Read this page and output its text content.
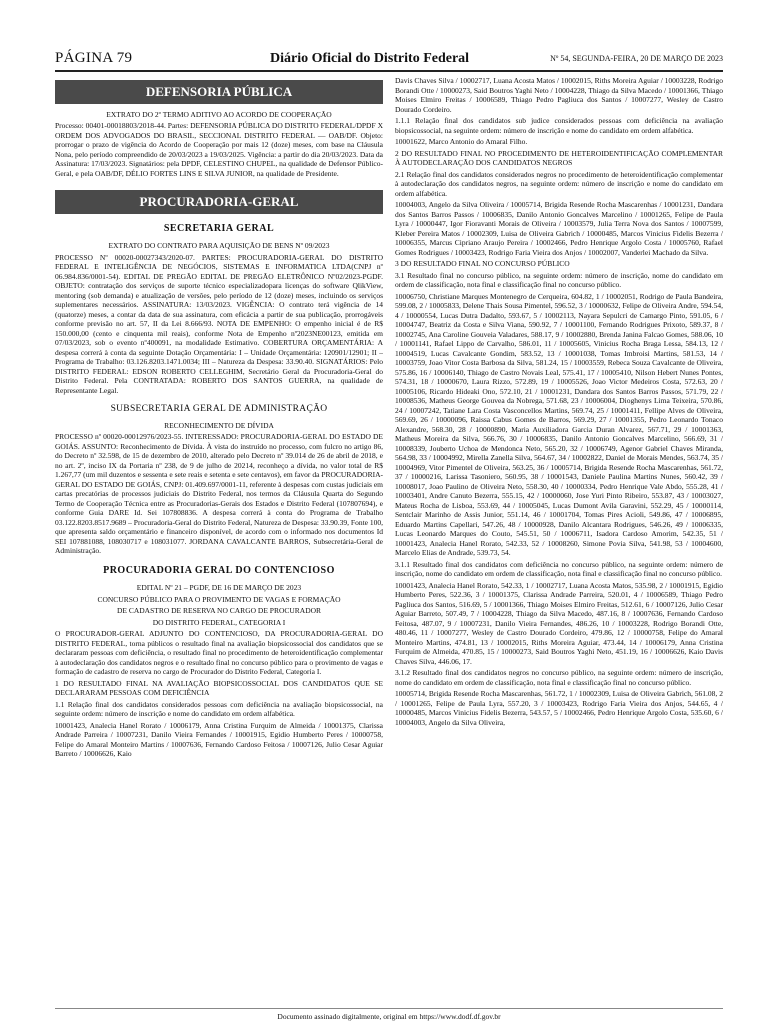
PÁGINA 79	Diário Oficial do Distrito Federal	Nº 54, SEGUNDA-FEIRA, 20 DE MARÇO DE 2023
DEFENSORIA PÚBLICA

EXTRATO DO 2º TERMO ADITIVO AO ACORDO DE COOPERAÇÃO

Processo: 00401-00018803/2018-44. Partes: DEFENSORIA PÚBLICA DO DISTRITO FEDERAL/DPDF X ORDEM DOS ADVOGADOS DO BRASIL, SECCIONAL DISTRITO FEDERAL — OAB/DF. Objeto: prorrogar o prazo de vigência do Acordo de Cooperação por mais 12 (doze) meses, com base na Cláusula Nona, pelo período compreendido de 20/03/2023 a 19/03/2025. Vigência: a partir do dia 20/03/2023. Data da Assinatura: 17/03/2023. Signatários: pela DPDF, CELESTINO CHUPEL, na qualidade de Defensor Público-Geral, e pela OAB/DF, DÉLIO FORTES LINS E SILVA JUNIOR, na qualidade de Presidente.

PROCURADORIA-GERAL
SECRETARIA GERAL

EXTRATO DO CONTRATO PARA AQUISIÇÃO DE BENS Nº 09/2023

PROCESSO Nº 00020-00027343/2020-07. PARTES: PROCURADORIA-GERAL DO DISTRITO FEDERAL E INTELIGÊNCIA DE NEGÓCIOS, SISTEMAS E INFORMATICA LTDA(CNPJ nº 06.984.836/0001-54). EDITAL DE PREGÃO EDITAL DE PREGÃO ELETRÔNICO Nº02/2023-PGDF. OBJETO: contratação dos serviços de suporte técnico especializadopara licenças do software QlikView, mentoring (sob demanda) e atualização de versões, pelo período de 12 (doze) meses, incluindo os serviços suplementares necessários. ASSINATURA: 13/03/2023. VIGÊNCIA: O contrato terá vigência de 14 (quatorze) meses, a contar da data de sua assinatura, com eficácia a partir de sua publicação, prorrogáveis conforme previsão no art. 57, II da Lei 8.666/93. NOTA DE EMPENHO: O empenho inicial é de R$ 150.000,00 (cento e cinquenta mil reais), conforme Nota de Empenho nº2023NE00123, emitida em 07/03/2023, sob o evento nº400091, na modalidade Estimativo. COBERTURA ORÇAMENTÁRIA: A despesa correrá à conta da seguinte Dotação Orçamentária: I – Unidade Orçamentária: 120901/12901; II – Programa de Trabalho: 03.126.8203.1471.0034; III – Natureza da Despesa: 33.90.40. SIGNATÁRIOS: Pelo DISTRITO FEDERAL: EDSON ROBERTO CELLEGHIM, Secretário Geral da Procuradoria-Geral do Distrito Federal. Pela CONTRATADA: ROBERTO DOS SANTOS GUERRA, na qualidade de Representante Legal.

SUBSECRETARIA GERAL DE ADMINISTRAÇÃO

RECONHECIMENTO DE DÍVIDA

PROCESSO nº 00020-00012976/2023-55. INTERESSADO: PROCURADORIA-GERAL DO ESTADO DE GOIÁS. ASSUNTO: Reconhecimento de Dívida. À vista do instruído no processo, com fulcro no artigo 86, do Decreto nº 32.598, de 15 de dezembro de 2010, alterado pelo Decreto nº 39.014 de 26 de abril de 2018, e no art. 2º, inciso IX da Portaria nº 238, de 9 de julho de 20214, reconheço a dívida, no valor total de R$ 1.267,77 (um mil duzentos e sessenta e sete reais e setenta e sete centavos), em favor da PROCURADORIA-GERAL DO ESTADO DE GOIÁS, CNPJ: 01.409.697/0001-11, referente à despesas com custas judiciais em cartas precatórias de processos judiciais do Distrito Federal, nos termos da Cláusula Quarta do Segundo Termo de Cooperação Técnica entre as Procuradorias-Gerais dos Estados e Distrito Federal (107807694), e conforme Guia DARE Id. Sei 107808836. A despesa correrá à conta do Programa de Trabalho 03.122.8203.8517.9689 – Procuradoria-Geral do Distrito Federal, Natureza de Despesa: 33.90.39, Fonte 100, que apresenta saldo orçamentário e financeiro disponível, de acordo com o informado nos documentos Id SEI 107881088, 108030717 e 108031077. JORDANA CAVALCANTE BARROS, Subsecretária-Geral de Administração.

PROCURADORIA GERAL DO CONTENCIOSO

EDITAL Nº 21 – PGDF, DE 16 DE MARÇO DE 2023

CONCURSO PÚBLICO PARA O PROVIMENTO DE VAGAS E FORMAÇÃO

DE CADASTRO DE RESERVA NO CARGO DE PROCURADOR

DO DISTRITO FEDERAL, CATEGORIA I

O PROCURADOR-GERAL ADJUNTO DO CONTENCIOSO, DA PROCURADORIA-GERAL DO DISTRITO FEDERAL, torna públicos o resultado final na avaliação biopsicossocial dos candidatos que se declararam pessoas com deficiência, o resultado final no procedimento de heteroidentificação complementar à autodeclaração dos candidatos negros e o resultado final no concurso público para o provimento de vagas e formação de cadastro de reserva no cargo de Procurador do Distrito Federal, Categoria I.

1 DO RESULTADO FINAL NA AVALIAÇÃO BIOPSICOSSOCIAL DOS CANDIDATOS QUE SE DECLARARAM PESSOAS COM DEFICIÊNCIA

1.1 Relação final dos candidatos considerados pessoas com deficiência na avaliação biopsicossocial, na seguinte ordem: número de inscrição e nome do candidato em ordem alfabética.

10001423, Analecia Hanel Rorato / 10006179, Anna Cristina Furquim de Almeida / 10001375, Clarissa Andrade Parreira / 10007231, Danilo Vieira Fernandes / 10001915, Egidio Humberto Peres / 10000758, Felipe do Amaral Monteiro Martins / 10007636, Fernando Cardoso Feitosa / 10007126, Julio Cesar Aguiar Barreto / 10006626, Kaio

Davis Chaves Silva / 10002717, Luana Acosta Matos / 10002015, Riths Moreira Aguiar / 10003228, Rodrigo Borandi Otte / 10000273, Said Boutros Yaghi Neto / 10004228, Thiago da Silva Macedo / 10001366, Thiago Moises Elmiro Freitas / 10006589, Thiago Pedro Pagliuca dos Santos / 10007277, Wesley de Castro Dourado Cordeiro.

1.1.1 Relação final dos candidatos sub judice considerados pessoas com deficiência na avaliação biopsicossocial, na seguinte ordem: número de inscrição e nome do candidato em ordem alfabética.

10001622, Marco Antonio do Amaral Filho.

2 DO RESULTADO FINAL NO PROCEDIMENTO DE HETEROIDENTIFICAÇÃO COMPLEMENTAR À AUTODECLARAÇÃO DOS CANDIDATOS NEGROS

2.1 Relação final dos candidatos considerados negros no procedimento de heteroidentificação complementar à autodeclaração dos candidatos negros, na seguinte ordem: número de inscrição e nome do candidato em ordem alfabética.

10004003, Angelo da Silva Oliveira / 10005714, Brigida Resende Rocha Mascarenhas / 10001231, Dandara dos Santos Barros Passos / 10006835, Danilo Antonio Goncalves Marcelino / 10001265, Felipe de Paula Lyra / 10000447, Igor Fioravanti Morais de Oliveira / 10003579, Julia Terra Nova dos Santos / 10007599, Kleber Pereira Matos / 10002309, Luisa de Oliveira Gabrich / 10000485, Marcos Vinicius Fidelis Bezerra / 10006355, Marcus Cipriano Araujo Pereira / 10002466, Pedro Henrique Argolo Costa / 10005760, Rafael Gomes Rodrigues / 10003423, Rodrigo Faria Vieira dos Anjos / 10002007, Vanderlei Machado da Silva.

3 DO RESULTADO FINAL NO CONCURSO PÚBLICO

3.1 Resultado final no concurso público, na seguinte ordem: número de inscrição, nome do candidato em ordem de classificação, nota final e classificação final no concurso público.

10006750, Christiane Marques Montenegro de Cerqueira, 604.82, 1 / 10002051, Rodrigo de Paula Bandeira, 599.08, 2 / 10005833, Delene Thais Sousa Pimentel, 596.52, 3 / 10000632, Felipe de Oliveira Andre, 594.54, 4 / 10000554, Lucas Dutra Dadalto, 593.67, 5 / 10002113, Nayara Sepulcri de Camargo Pinto, 591.05, 6 / 10004747, Beatriz da Costa e Silva Viana, 590.92, 7 / 10001100, Fernando Rodrigues Prixoto, 589.37, 8 / 10002745, Ana Caroline Gouveia Valadares, 588.17, 9 / 10002880, Brenda Janina Falcao Gomes, 588.06, 10 / 10001141, Rafael Lippo de Carvalho, 586.01, 11 / 10005605, Vinicius Rocha Braga Lessa, 584.13, 12 / 10004519, Lucas Cavalcante Gondim, 583.52, 13 / 10001038, Tomas Imbroisi Martins, 581.53, 14 / 10003759, Joao Vitor Costa Barbosa da Silva, 581.24, 15 / 10003559, Rebeca Souza Cavalcante de Oliveira, 575.86, 16 / 10006140, Thiago de Castro Novais Leal, 575.41, 17 / 10005410, Nilson Hebert Nunes Pontes, 574.31, 18 / 10000670, Laura Rizzo, 572.89, 19 / 10005526, Joao Victor Medeiros Costa, 572.63, 20 / 10005106, Ricardo Hideaki Ono, 572.10, 21 / 10001231, Dandara dos Santos Barros Passos, 571.79, 22 / 10008536, Matheus George Gouvea da Nobrega, 571.68, 23 / 10006004, Dioghenys Lima Teixeira, 570.86, 24 / 10007242, Tatiane Lara Costa Vasconcellos Martins, 569.74, 25 / 10001411, Fellipe Alves de Oliveira, 569.69, 26 / 10000096, Raissa Cabus Gomes de Barros, 569.29, 27 / 10001355, Pedro Leonardo Tonaco Alexandre, 568.30, 28 / 10000890, Maria Auxiliadora Garcia Duran Alvarez, 567.71, 29 / 10001363, Matheus Moreira da Silva, 566.76, 30 / 10006835, Danilo Antonio Goncalves Marcelino, 566.69, 31 / 10008339, Jouberto Uchoa de Mendonca Neto, 565.20, 32 / 10006749, Agenor Gabriel Chaves Miranda, 564.98, 33 / 10004992, Mirella Zanella Silva, 564.67, 34 / 10002822, Daniel de Morais Mendes, 563.74, 35 / 10004969, Vitor Pimentel de Oliveira, 563.25, 36 / 10005714, Brigida Resende Rocha Mascarenhas, 561.72, 37 / 10000216, Larissa Tasoniero, 560.95, 38 / 10001543, Daniele Paulina Martins Nunes, 560.42, 39 / 10008017, Joao Paulino de Oliveira Neto, 558.30, 40 / 10000334, Pedro Henrique Vale Abdo, 555.28, 41 / 10003401, Andre Canuto Bezerra, 555.15, 42 / 10000060, Jose Yuri Pinto Ribeiro, 553.87, 43 / 10003027, Mateus Rocha de Lisboa, 553.69, 44 / 10005045, Lucas Dumont Avila Garavini, 552.29, 45 / 10000114, Sentclair Marinho de Assis Junior, 551.14, 46 / 10001704, Tomas Pires Acioli, 549.86, 47 / 10006895, Eduardo Martins Capellari, 547.26, 48 / 10000928, Danilo Alcantara Rodrigues, 546.26, 49 / 10006335, Lucas Leonardo Marques do Couto, 545.51, 50 / 10006711, Isadora Cardoso Amorim, 542.35, 51 / 10001423, Analecia Hanel Rorato, 542.33, 52 / 10008260, Simone Povia Silva, 541.98, 53 / 10004600, Marcelo Elias de Andrade, 539.73, 54.

3.1.1 Resultado final dos candidatos com deficiência no concurso público, na seguinte ordem: número de inscrição, nome do candidato em ordem de classificação, nota final e classificação final no concurso público.

10001423, Analecia Hanel Rorato, 542.33, 1 / 10002717, Luana Acosta Matos, 535.98, 2 / 10001915, Egidio Humberto Peres, 522.36, 3 / 10001375, Clarissa Andrade Parreira, 520.01, 4 / 10006589, Thiago Pedro Pagliuca dos Santos, 516.69, 5 / 10001366, Thiago Moises Elmiro Freitas, 512.61, 6 / 10007126, Julio Cesar Aguiar Barreto, 507.49, 7 / 10004228, Thiago da Silva Macedo, 487.16, 8 / 10007636, Fernando Cardoso Feitosa, 487.07, 9 / 10007231, Danilo Vieira Fernandes, 486.26, 10 / 10003228, Rodrigo Borandi Otte, 480.46, 11 / 10007277, Wesley de Castro Dourado Cordeiro, 479.86, 12 / 10000758, Felipe do Amaral Monteiro Martins, 474.81, 13 / 10002015, Riths Moreira Aguiar, 473.44, 14 / 10006179, Anna Cristina Furquim de Almeida, 470.85, 15 / 10000273, Said Boutros Yaghi Neto, 451.19, 16 / 10006626, Kaio Davis Chaves Silva, 446.06, 17.

3.1.2 Resultado final dos candidatos negros no concurso público, na seguinte ordem: número de inscrição, nome do candidato em ordem de classificação, nota final e classificação final no concurso público.

10005714, Brigida Resende Rocha Mascarenhas, 561.72, 1 / 10002309, Luisa de Oliveira Gabrich, 561.08, 2 / 10001265, Felipe de Paula Lyra, 557.20, 3 / 10003423, Rodrigo Faria Vieira dos Anjos, 544.65, 4 / 10000485, Marcos Vinicius Fidelis Bezerra, 543.57, 5 / 10002466, Pedro Henrique Argolo Costa, 535.60, 6 / 10004003, Angelo da Silva Oliveira,

Documento assinado digitalmente, original em https://www.dodf.df.gov.br
